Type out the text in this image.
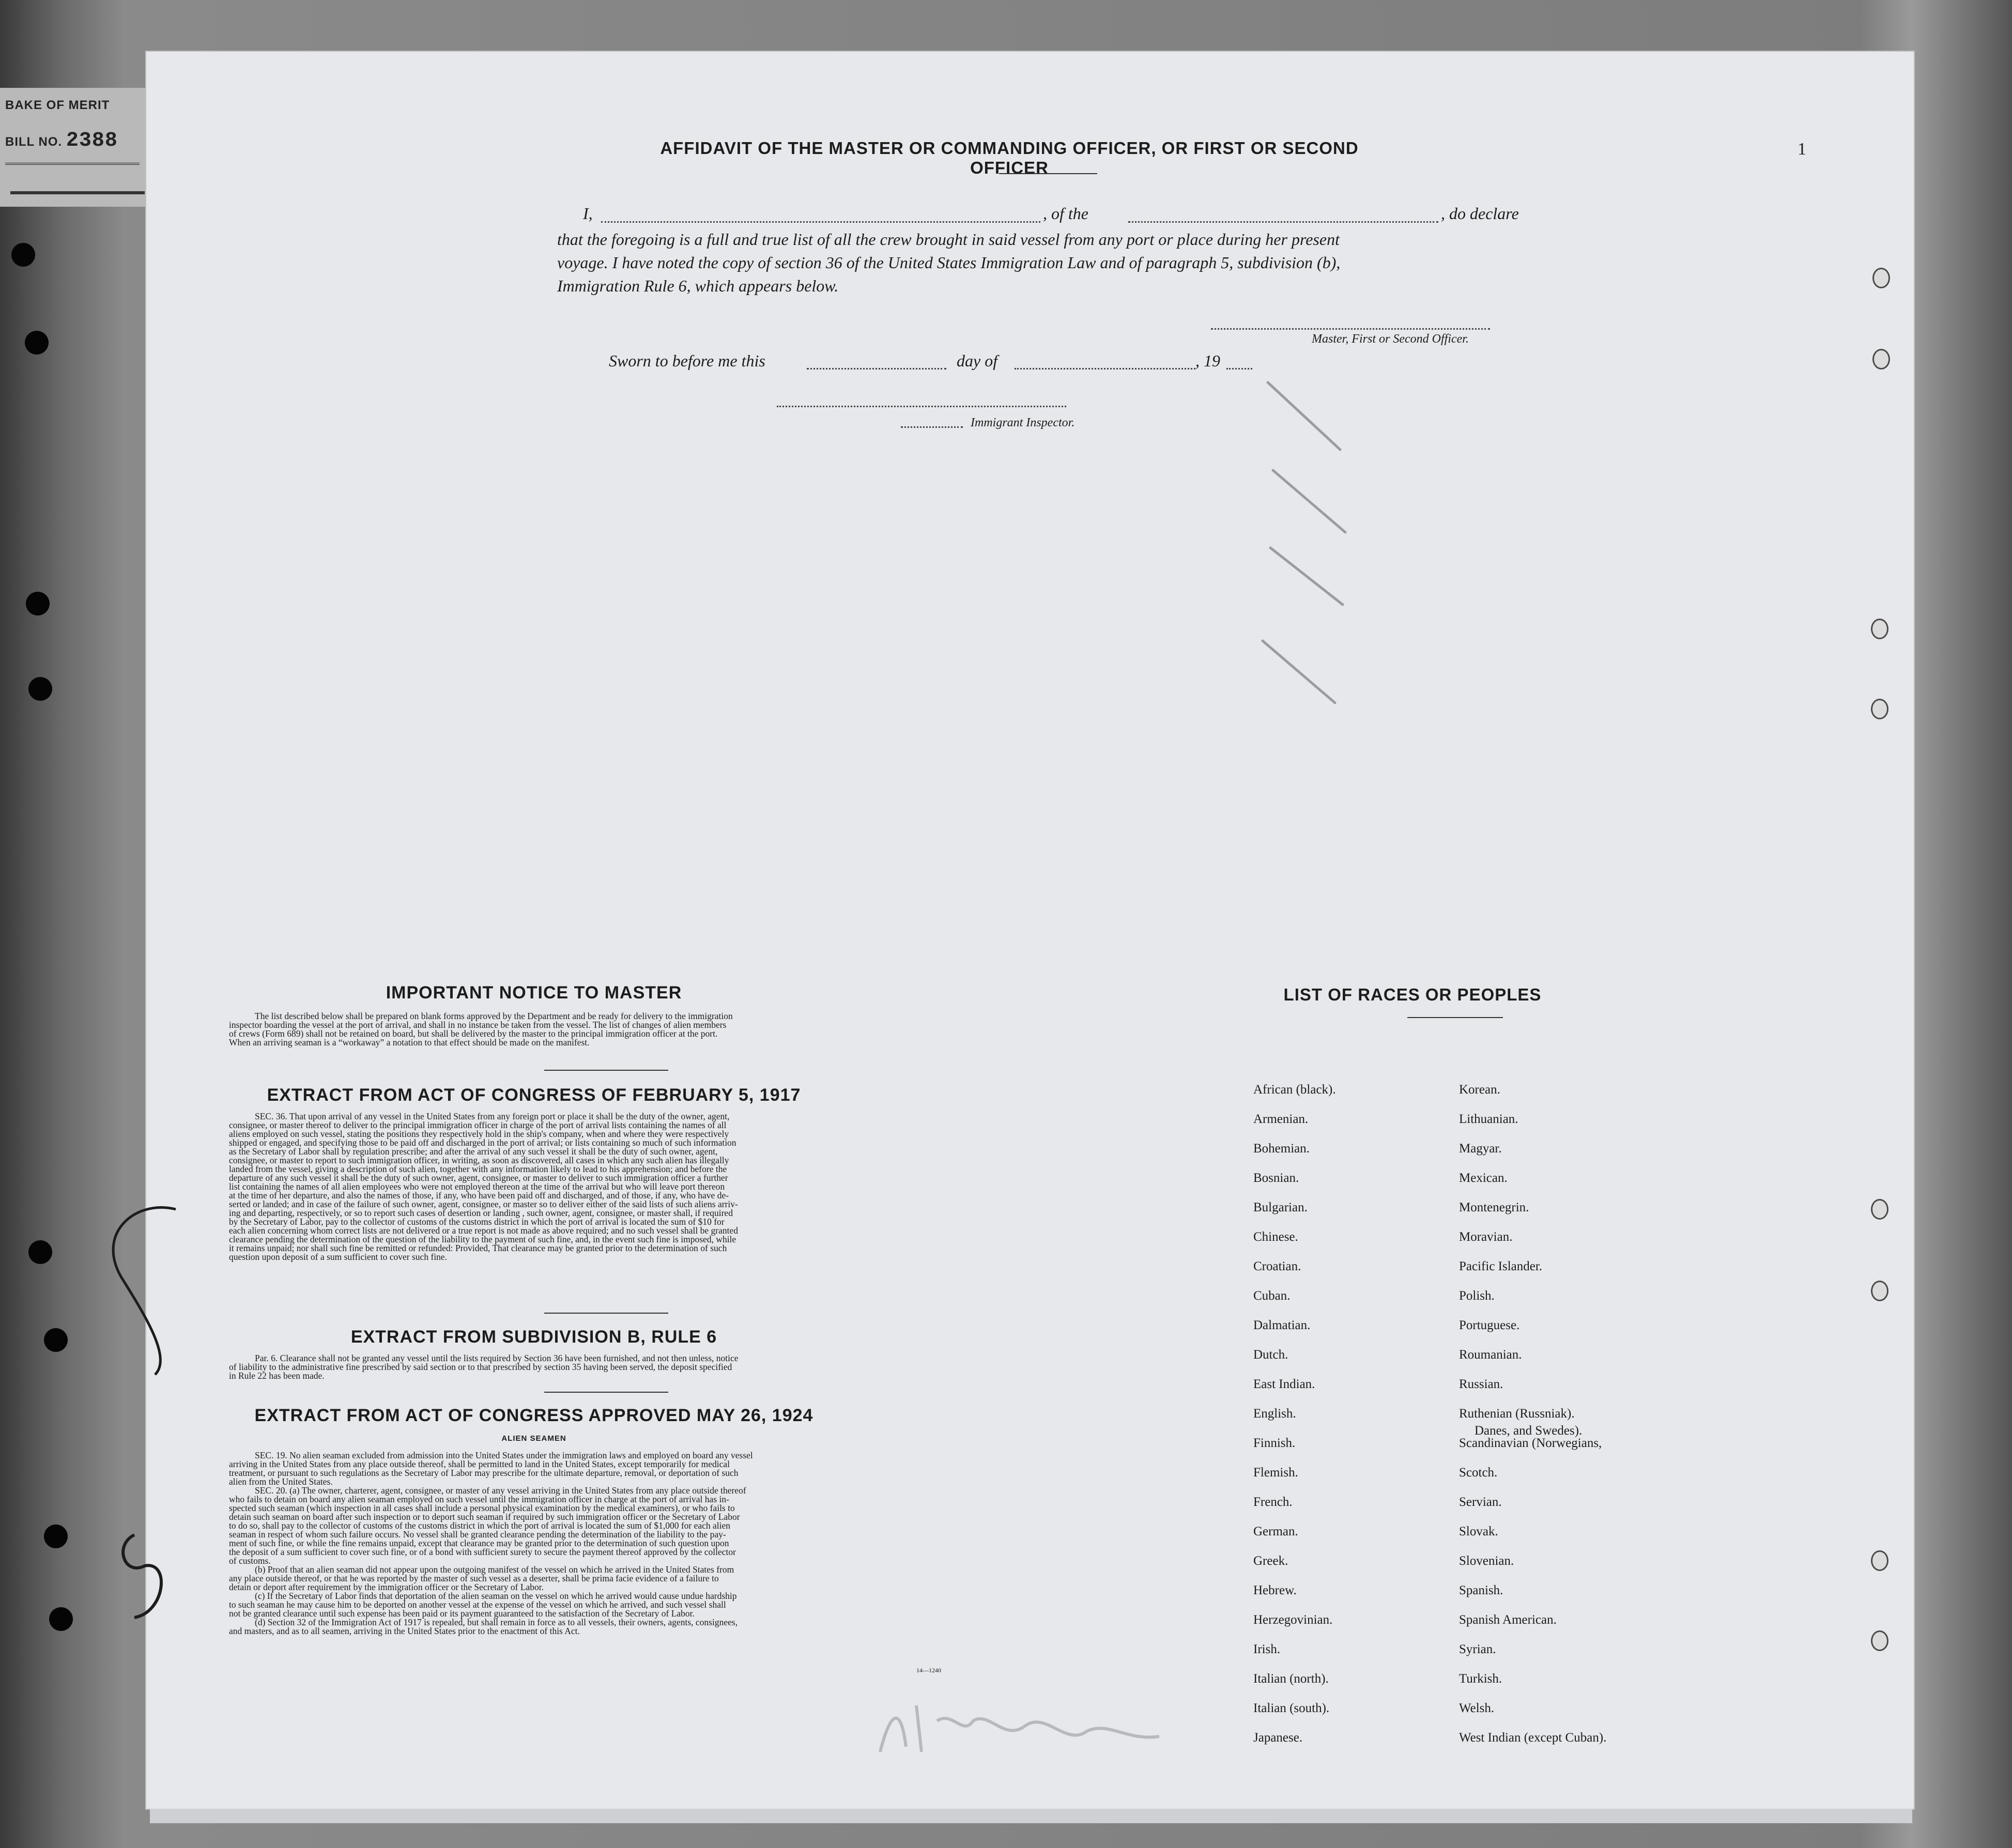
BAKE OF MERIT
BILL NO. 2388	1
AFFIDAVIT OF THE MASTER OR COMMANDING OFFICER, OR FIRST OR SECOND OFFICER
I,	, of the	, do declare
that the foregoing is a full and true list of all the crew brought in said vessel from any port or place during her present
voyage. I have noted the copy of section 36 of the United States Immigration Law and of paragraph 5, subdivision (b),
Immigration Rule 6, which appears below.
Master, First or Second Officer.
Sworn to before me this	day of	, 19
Immigrant Inspector.
IMPORTANT NOTICE TO MASTER
The list described below shall be prepared on blank forms approved by the Department and be ready for delivery to the immigration
inspector boarding the vessel at the port of arrival, and shall in no instance be taken from the vessel. The list of changes of alien members
of crews (Form 689) shall not be retained on board, but shall be delivered by the master to the principal immigration officer at the port.
When an arriving seaman is a “workaway” a notation to that effect should be made on the manifest.
EXTRACT FROM ACT OF CONGRESS OF FEBRUARY 5, 1917
SEC. 36. That upon arrival of any vessel in the United States from any foreign port or place it shall be the duty of the owner, agent,
consignee, or master thereof to deliver to the principal immigration officer in charge of the port of arrival lists containing the names of all
aliens employed on such vessel, stating the positions they respectively hold in the ship's company, when and where they were respectively
shipped or engaged, and specifying those to be paid off and discharged in the port of arrival; or lists containing so much of such information
as the Secretary of Labor shall by regulation prescribe; and after the arrival of any such vessel it shall be the duty of such owner, agent,
consignee, or master to report to such immigration officer, in writing, as soon as discovered, all cases in which any such alien has illegally
landed from the vessel, giving a description of such alien, together with any information likely to lead to his apprehension; and before the
departure of any such vessel it shall be the duty of such owner, agent, consignee, or master to deliver to such immigration officer a further
list containing the names of all alien employees who were not employed thereon at the time of the arrival but who will leave port thereon
at the time of her departure, and also the names of those, if any, who have been paid off and discharged, and of those, if any, who have de-
serted or landed; and in case of the failure of such owner, agent, consignee, or master so to deliver either of the said lists of such aliens arriv-
ing and departing, respectively, or so to report such cases of desertion or landing , such owner, agent, consignee, or master shall, if required
by the Secretary of Labor, pay to the collector of customs of the customs district in which the port of arrival is located the sum of $10 for
each alien concerning whom correct lists are not delivered or a true report is not made as above required; and no such vessel shall be granted
clearance pending the determination of the question of the liability to the payment of such fine, and, in the event such fine is imposed, while
it remains unpaid; nor shall such fine be remitted or refunded: Provided, That clearance may be granted prior to the determination of such
question upon deposit of a sum sufficient to cover such fine.
EXTRACT FROM SUBDIVISION B, RULE 6
Par. 6. Clearance shall not be granted any vessel until the lists required by Section 36 have been furnished, and not then unless, notice
of liability to the administrative fine prescribed by said section or to that prescribed by section 35 having been served, the deposit specified
in Rule 22 has been made.
EXTRACT FROM ACT OF CONGRESS APPROVED MAY 26, 1924
ALIEN SEAMEN
SEC. 19. No alien seaman excluded from admission into the United States under the immigration laws and employed on board any vessel
arriving in the United States from any place outside thereof, shall be permitted to land in the United States, except temporarily for medical
treatment, or pursuant to such regulations as the Secretary of Labor may prescribe for the ultimate departure, removal, or deportation of such
alien from the United States.
SEC. 20. (a) The owner, charterer, agent, consignee, or master of any vessel arriving in the United States from any place outside thereof
who fails to detain on board any alien seaman employed on such vessel until the immigration officer in charge at the port of arrival has in-
spected such seaman (which inspection in all cases shall include a personal physical examination by the medical examiners), or who fails to
detain such seaman on board after such inspection or to deport such seaman if required by such immigration officer or the Secretary of Labor
to do so, shall pay to the collector of customs of the customs district in which the port of arrival is located the sum of $1,000 for each alien
seaman in respect of whom such failure occurs. No vessel shall be granted clearance pending the determination of the liability to the pay-
ment of such fine, or while the fine remains unpaid, except that clearance may be granted prior to the determination of such question upon
the deposit of a sum sufficient to cover such fine, or of a bond with sufficient surety to secure the payment thereof approved by the collector
of customs.
(b) Proof that an alien seaman did not appear upon the outgoing manifest of the vessel on which he arrived in the United States from
any place outside thereof, or that he was reported by the master of such vessel as a deserter, shall be prima facie evidence of a failure to
detain or deport after requirement by the immigration officer or the Secretary of Labor.
(c) If the Secretary of Labor finds that deportation of the alien seaman on the vessel on which he arrived would cause undue hardship
to such seaman he may cause him to be deported on another vessel at the expense of the vessel on which he arrived, and such vessel shall
not be granted clearance until such expense has been paid or its payment guaranteed to the satisfaction of the Secretary of Labor.
(d) Section 32 of the Immigration Act of 1917 is repealed, but shall remain in force as to all vessels, their owners, agents, consignees,
and masters, and as to all seamen, arriving in the United States prior to the enactment of this Act.
14—1240
LIST OF RACES OR PEOPLES
Danes, and Swedes).
African (black).
Armenian.
Bohemian.
Bosnian.
Bulgarian.
Chinese.
Croatian.
Cuban.
Dalmatian.
Dutch.
East Indian.
English.
Finnish.
Flemish.
French.
German.
Greek.
Hebrew.
Herzegovinian.
Irish.
Italian (north).
Italian (south).
Japanese.
Korean.
Lithuanian.
Magyar.
Mexican.
Montenegrin.
Moravian.
Pacific Islander.
Polish.
Portuguese.
Roumanian.
Russian.
Ruthenian (Russniak).
Scandinavian (Norwegians,
Scotch.
Servian.
Slovak.
Slovenian.
Spanish.
Spanish American.
Syrian.
Turkish.
Welsh.
West Indian (except Cuban).
